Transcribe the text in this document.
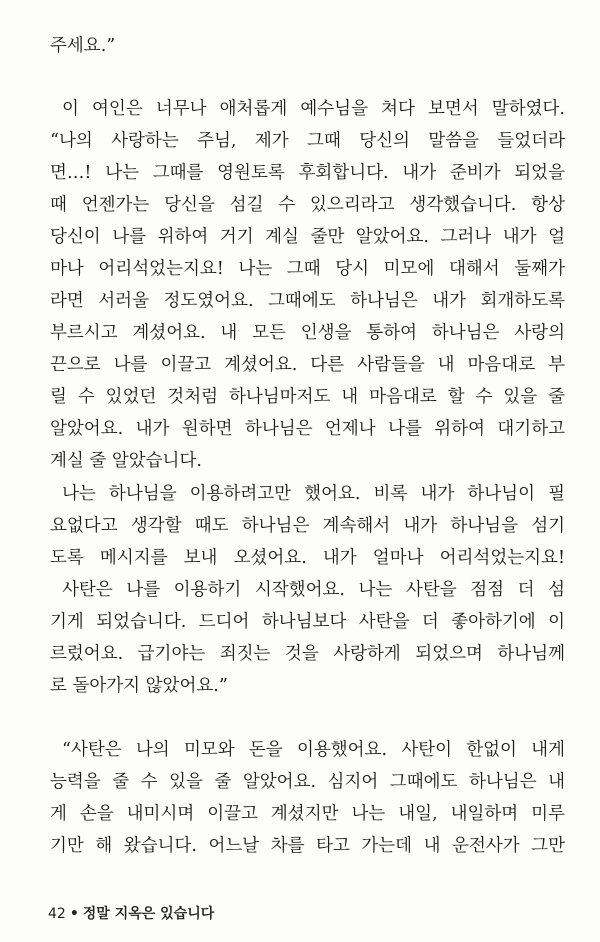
주세요.”
이 여인은 너무나 애처롭게 예수님을 쳐다 보면서 말하였다.
“나의 사랑하는 주님, 제가 그때 당신의 말씀을 들었더라
면…! 나는 그때를 영원토록 후회합니다. 내가 준비가 되었을
때 언젠가는 당신을 섬길 수 있으리라고 생각했습니다. 항상
당신이 나를 위하여 거기 계실 줄만 알았어요. 그러나 내가 얼
마나 어리석었는지요! 나는 그때 당시 미모에 대해서 둘째가
라면 서러울 정도였어요. 그때에도 하나님은 내가 회개하도록
부르시고 계셨어요. 내 모든 인생을 통하여 하나님은 사랑의
끈으로 나를 이끌고 계셨어요. 다른 사람들을 내 마음대로 부
릴 수 있었던 것처럼 하나님마저도 내 마음대로 할 수 있을 줄
알았어요. 내가 원하면 하나님은 언제나 나를 위하여 대기하고
계실 줄 알았습니다.
나는 하나님을 이용하려고만 했어요. 비록 내가 하나님이 필
요없다고 생각할 때도 하나님은 계속해서 내가 하나님을 섬기
도록 메시지를 보내 오셨어요. 내가 얼마나 어리석었는지요!
사탄은 나를 이용하기 시작했어요. 나는 사탄을 점점 더 섬
기게 되었습니다. 드디어 하나님보다 사탄을 더 좋아하기에 이
르렀어요. 급기야는 죄짓는 것을 사랑하게 되었으며 하나님께
로 돌아가지 않았어요.”
“사탄은 나의 미모와 돈을 이용했어요. 사탄이 한없이 내게
능력을 줄 수 있을 줄 알았어요. 심지어 그때에도 하나님은 내
게 손을 내미시며 이끌고 계셨지만 나는 내일, 내일하며 미루
기만 해 왔습니다. 어느날 차를 타고 가는데 내 운전사가 그만
42 • 정말 지옥은 있습니다
